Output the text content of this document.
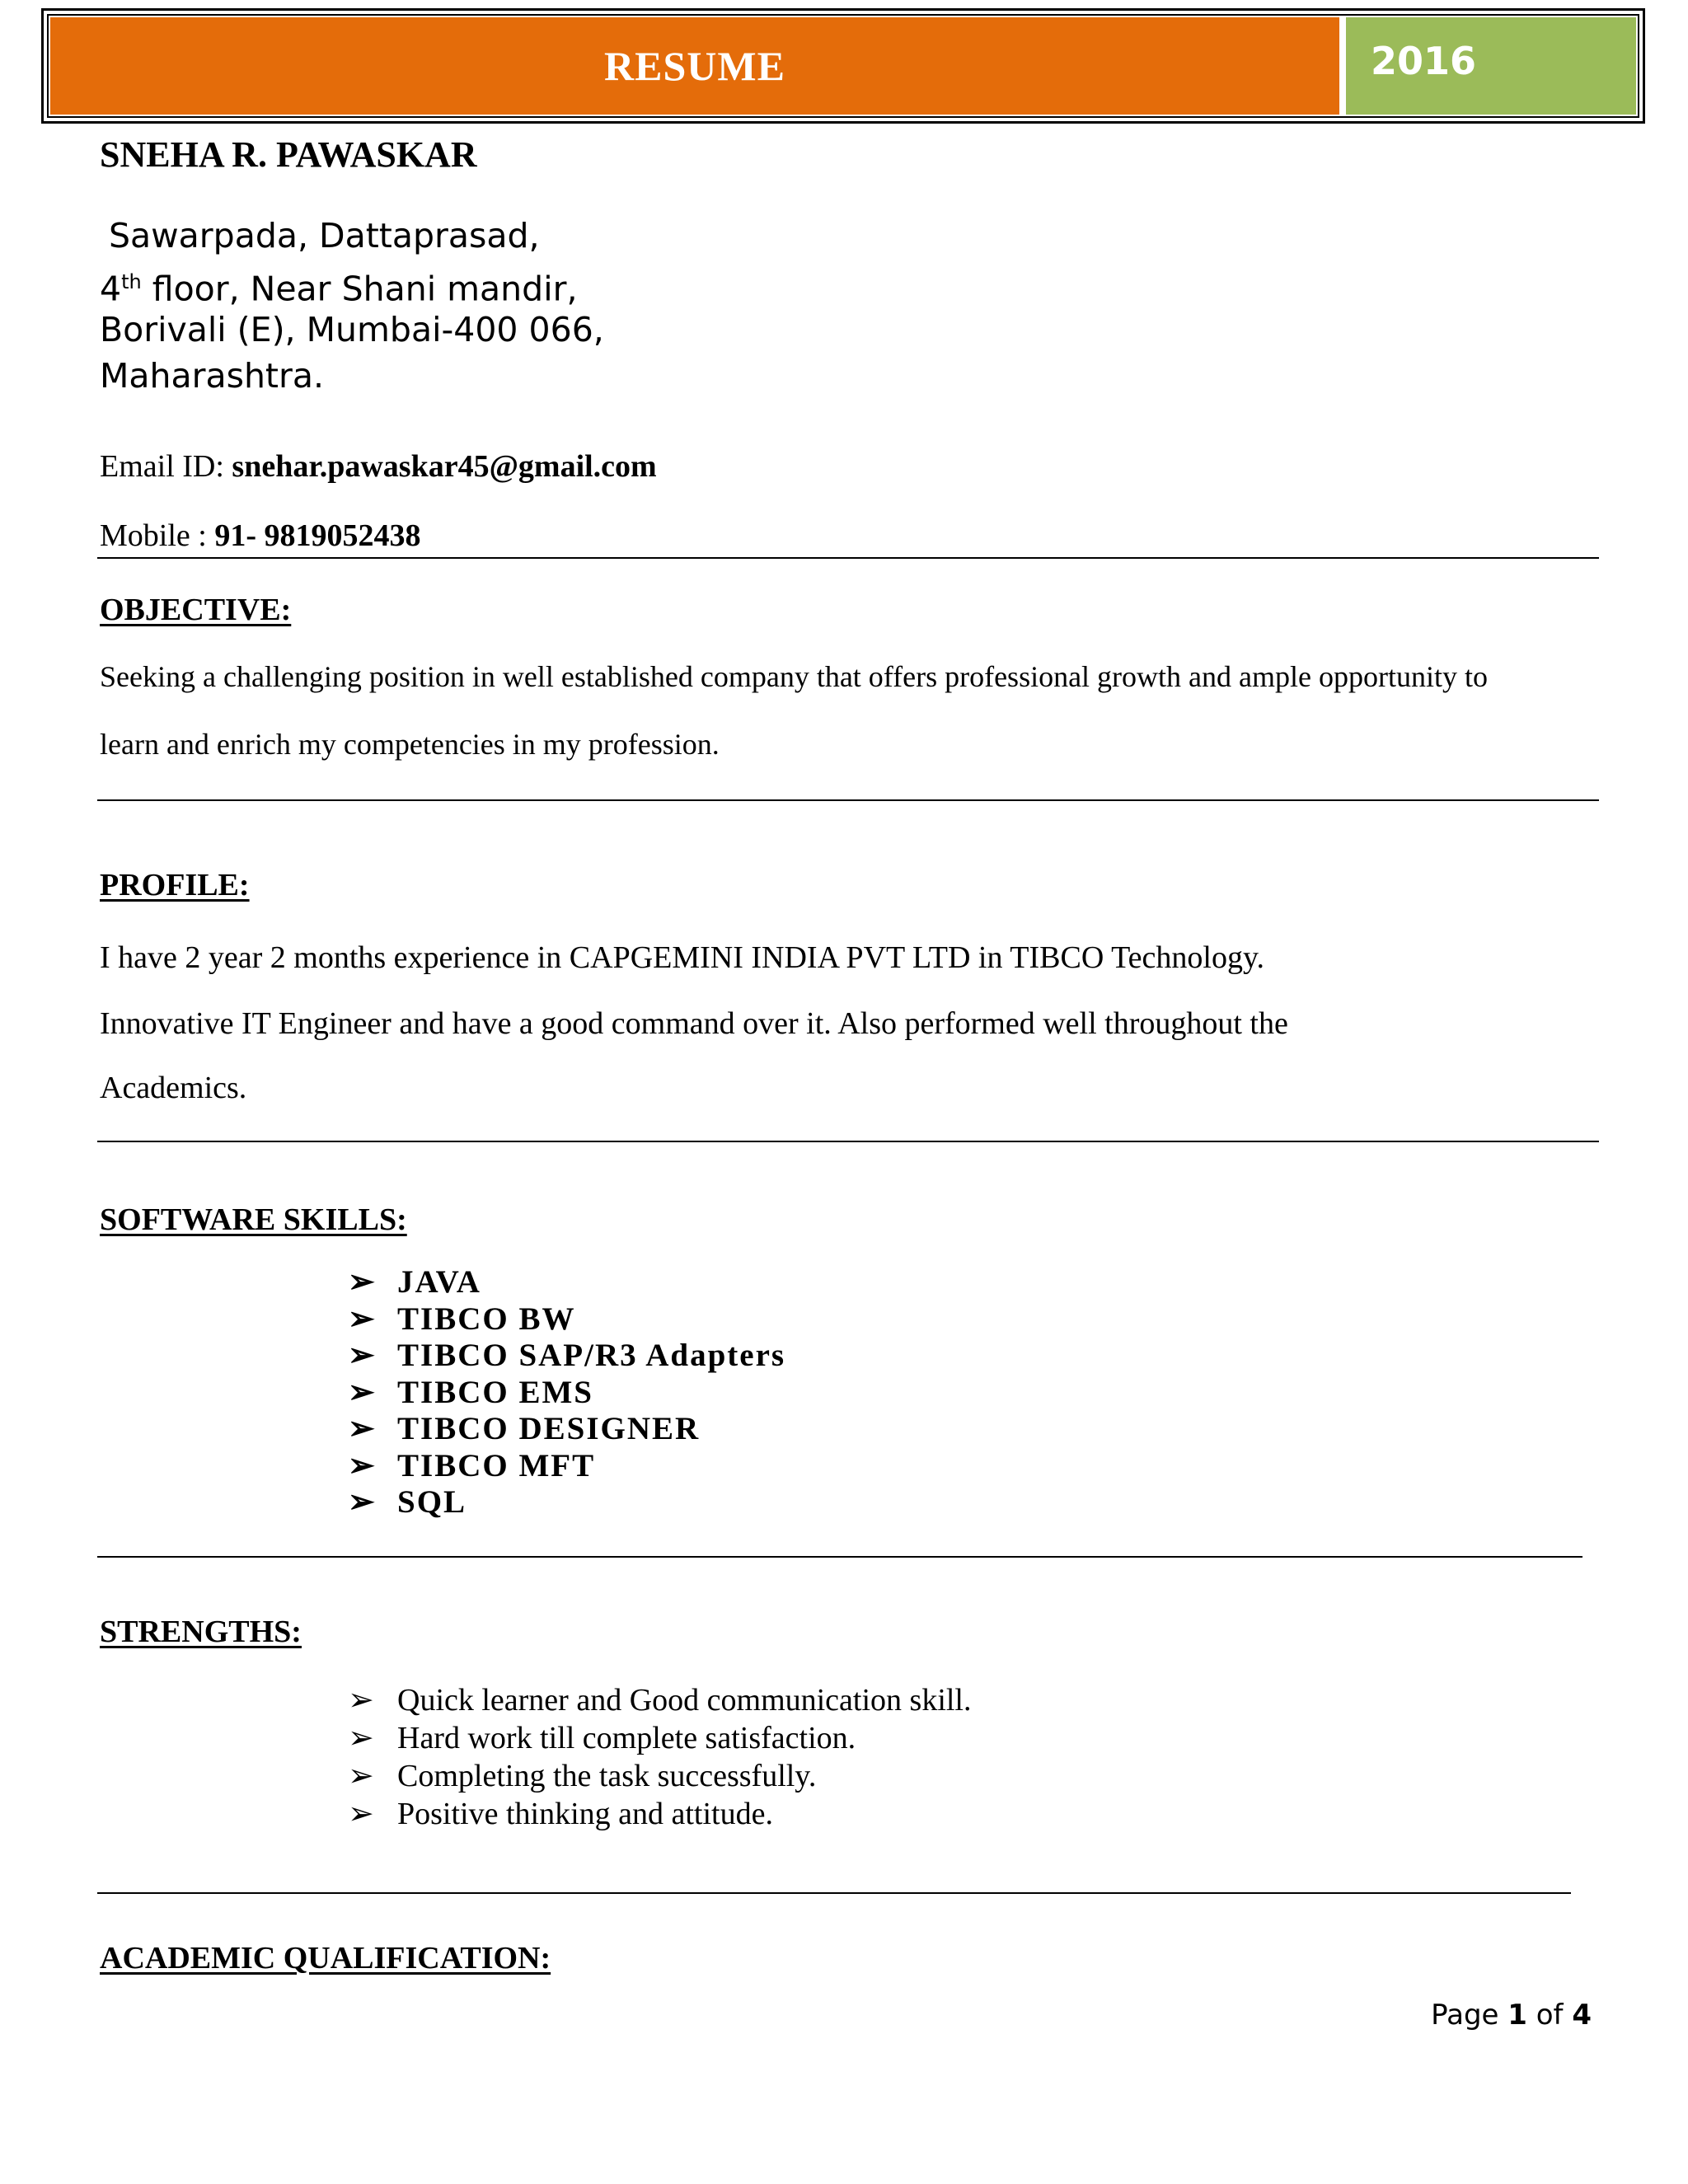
RESUME	2016
SNEHA R. PAWASKAR
Sawarpada, Dattaprasad,
4th floor, Near Shani mandir,
Borivali (E), Mumbai-400 066,
Maharashtra.
Email ID: snehar.pawaskar45@gmail.com
Mobile : 91- 9819052438
OBJECTIVE:
Seeking a challenging position in well established company that offers professional growth and ample opportunity to
learn and enrich my competencies in my profession.
PROFILE:
I have 2 year 2 months experience in CAPGEMINI INDIA PVT LTD in TIBCO Technology.
Innovative IT Engineer and have a good command over it. Also performed well throughout the
Academics.
SOFTWARE SKILLS:
➢ JAVA
➢ TIBCO BW
➢ TIBCO SAP/R3 Adapters
➢ TIBCO EMS
➢ TIBCO DESIGNER
➢ TIBCO MFT
➢ SQL
STRENGTHS:
➢ Quick learner and Good communication skill.
➢ Hard work till complete satisfaction.
➢ Completing the task successfully.
➢ Positive thinking and attitude.
ACADEMIC QUALIFICATION:
Page 1 of 4
